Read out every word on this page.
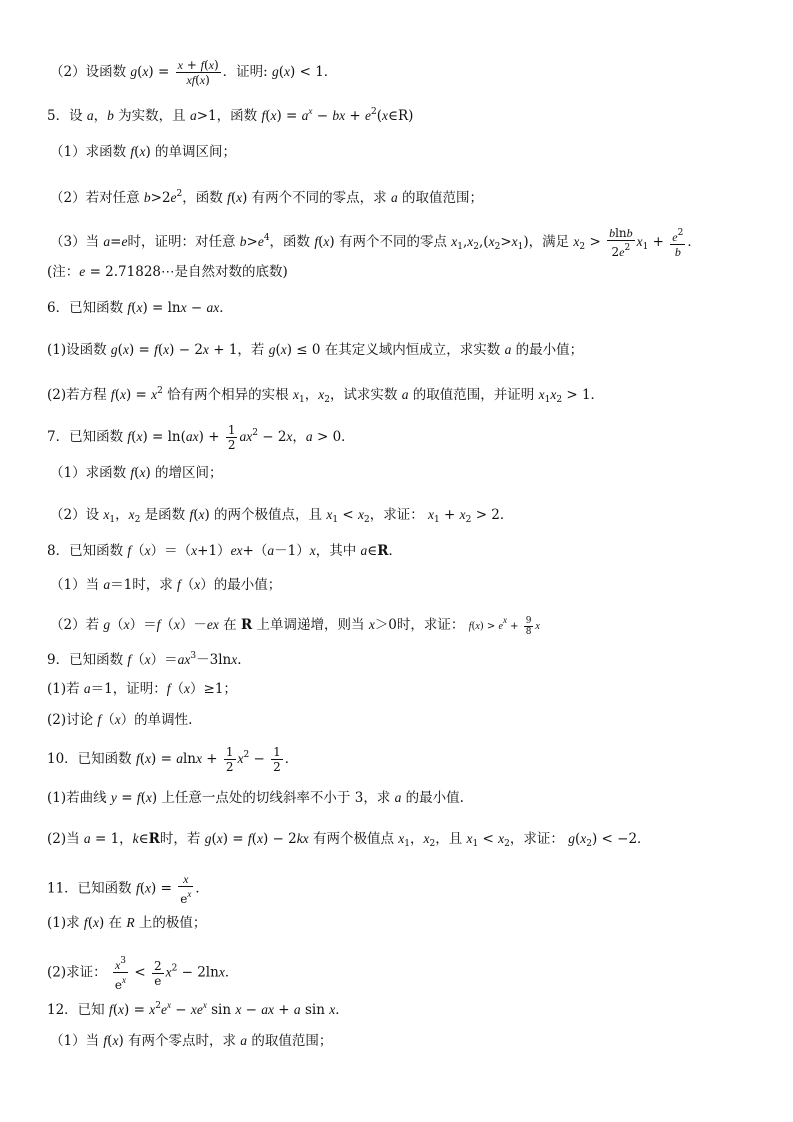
（2）设函数 $g(x) = \frac{x + f(x)}{xf(x)}$ ．证明: g(x) < 1．
5．设 a，b 为实数，且 a>1，函数 $f(x) = a^x$ − bx + $e^2(x\in R)$
（1）求函数 f(x) 的单调区间；
（2）若对任意 $b>2e^2$，函数 f(x) 有两个不同的零点，求 a 的取值范围；
（3）当 a=e时，证明：对任意 $b>e^4$，函数 f(x) 有两个不同的零点 $x_1,x_2,(x_2>x_1)$，满足 $x_2 > \frac{blnb}{2e^2} x_1 + \frac{e^2}{b}$ ．
(注：e = 2.71828⋯是自然对数的底数)
6．已知函数 f(x) = lnx − ax．
(1)设函数 g(x) = f(x) − 2x + 1，若 g(x) ≤ 0 在其定义域内恒成立，求实数 a 的最小值；
(2)若方程 $f(x) = x^2$ 恰有两个相异的实根 $x_1$，$x_2$，试求实数 a 的取值范围，并证明 $x_1x_2 > 1$．
7．已知函数 $f(x) = \ln(ax) + \frac{1}{2} ax^2 - 2x$，a > 0．
（1）求函数 f(x) 的增区间；
（2）设 $x_1$，$x_2$ 是函数 f(x) 的两个极值点，且 $x_1 < x_2$，求证： $x_1 + x_2 > 2$．
8．已知函数 f（x）＝（x+1）ex+（a－1）x，其中 a∈R．
（1）当 a＝1时，求 f（x）的最小值；
（2）若 g（x）＝f（x）－ex 在 R 上单调递增，则当 x＞0时，求证： $f(x) > e^x + \frac{9}{8}$ x
9．已知函数 $f(x)=ax^3-3\ln x$.
(1)若 a＝1，证明：f（x）≥1；
(2)讨论 f（x）的单调性.
10．已知函数 $f(x) = alnx + \frac{1}{2} x^2 - \frac{1}{2}$ ．
(1)若曲线 y = f(x) 上任意一点处的切线斜率不小于 3，求 a 的最小值.
(2)当 a = 1，k∈R时，若 g(x) = f(x) − 2kx 有两个极值点 $x_1$，$x_2$，且 $x_1 < x_2$，求证： $g(x_2) < -2$．
11．已知函数 $f(x) = \frac{x}{e^x}$ ．
(1)求 f(x) 在 R 上的极值；
(2)求证： $\frac{x^3}{e^x} < \frac{2}{e} x^2 - 2\ln x$．
12．已知 $f(x) = x^2e^x - xe^x$ sin x − ax + a sin x．
（1）当 f(x) 有两个零点时，求 a 的取值范围；
